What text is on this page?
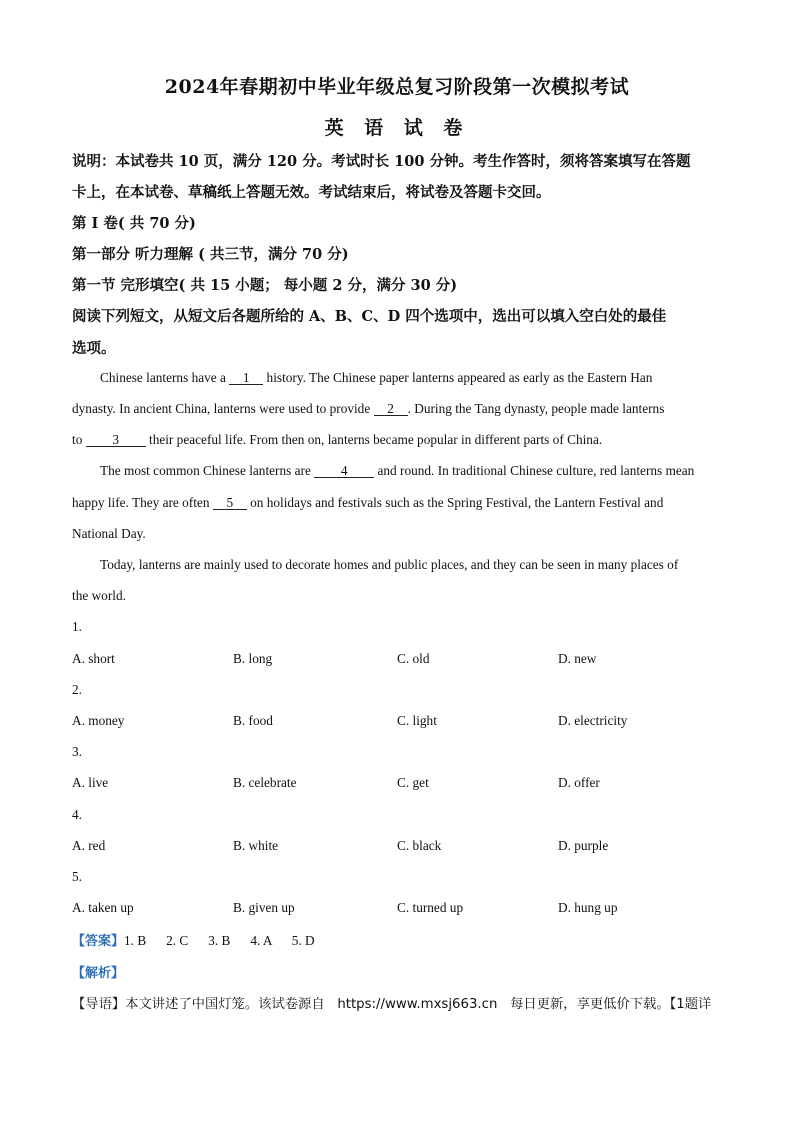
2024年春期初中毕业年级总复习阶段第一次模拟考试
英 语 试 卷
说明：本试卷共 10 页，满分 120 分。考试时长 100 分钟。考生作答时，须将答案填写在答题
卡上，在本试卷、草稿纸上答题无效。考试结束后，将试卷及答题卡交回。
第 I 卷( 共 70 分)
第一部分 听力理解 ( 共三节，满分 70 分)
第一节 完形填空( 共 15 小题； 每小题 2 分，满分 30 分)
阅读下列短文，从短文后各题所给的 A、B、C、D 四个选项中，选出可以填入空白处的最佳
选项。
Chinese lanterns have a 1 history. The Chinese paper lanterns appeared as early as the Eastern Han
dynasty. In ancient China, lanterns were used to provide 2 . During the Tang dynasty, people made lanterns
to 3 their peaceful life. From then on, lanterns became popular in different parts of China.
The most common Chinese lanterns are 4 and round. In traditional Chinese culture, red lanterns mean
happy life. They are often 5 on holidays and festivals such as the Spring Festival, the Lantern Festival and
National Day.
Today, lanterns are mainly used to decorate homes and public places, and they can be seen in many places of
the world.
1.
A. short	B. long	C. old	D. new
2.
A. money	B. food	C. light	D. electricity
3.
A. live	B. celebrate	C. get	D. offer
4.
A. red	B. white	C. black	D. purple
5.
A. taken up	B. given up	C. turned up	D. hung up
【答案】1. B      2. C      3. B      4. A      5. D
【解析】
【导语】本文讲述了中国灯笼。该试卷源自   https://www.mxsj663.cn   每日更新，享更低价下载。【1题详
